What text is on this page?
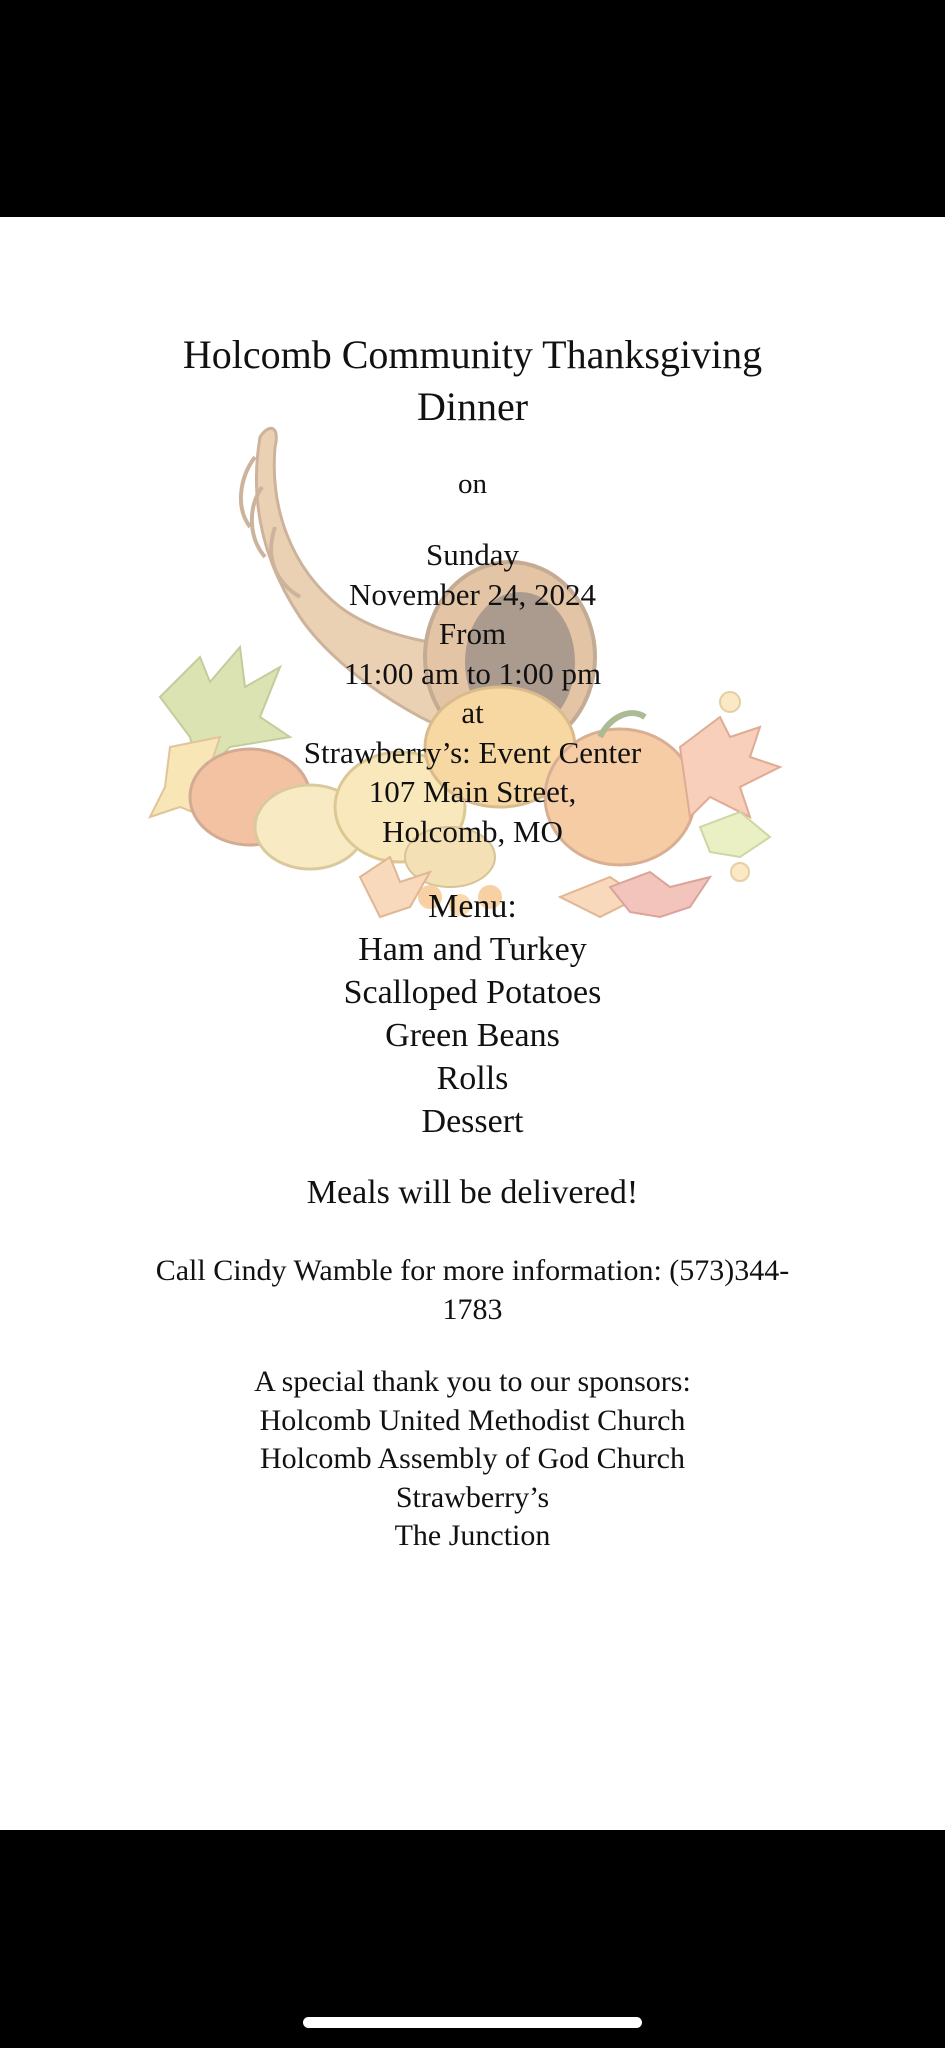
Holcomb Community Thanksgiving
Dinner
on
Sunday
November 24, 2024
From
11:00 am to 1:00 pm
at
Strawberry’s: Event Center
107 Main Street,
Holcomb, MO
Menu:
Ham and Turkey
Scalloped Potatoes
Green Beans
Rolls
Dessert
Meals will be delivered!
Call Cindy Wamble for more information: (573)344-
1783
A special thank you to our sponsors:
Holcomb United Methodist Church
Holcomb Assembly of God Church
Strawberry’s
The Junction
